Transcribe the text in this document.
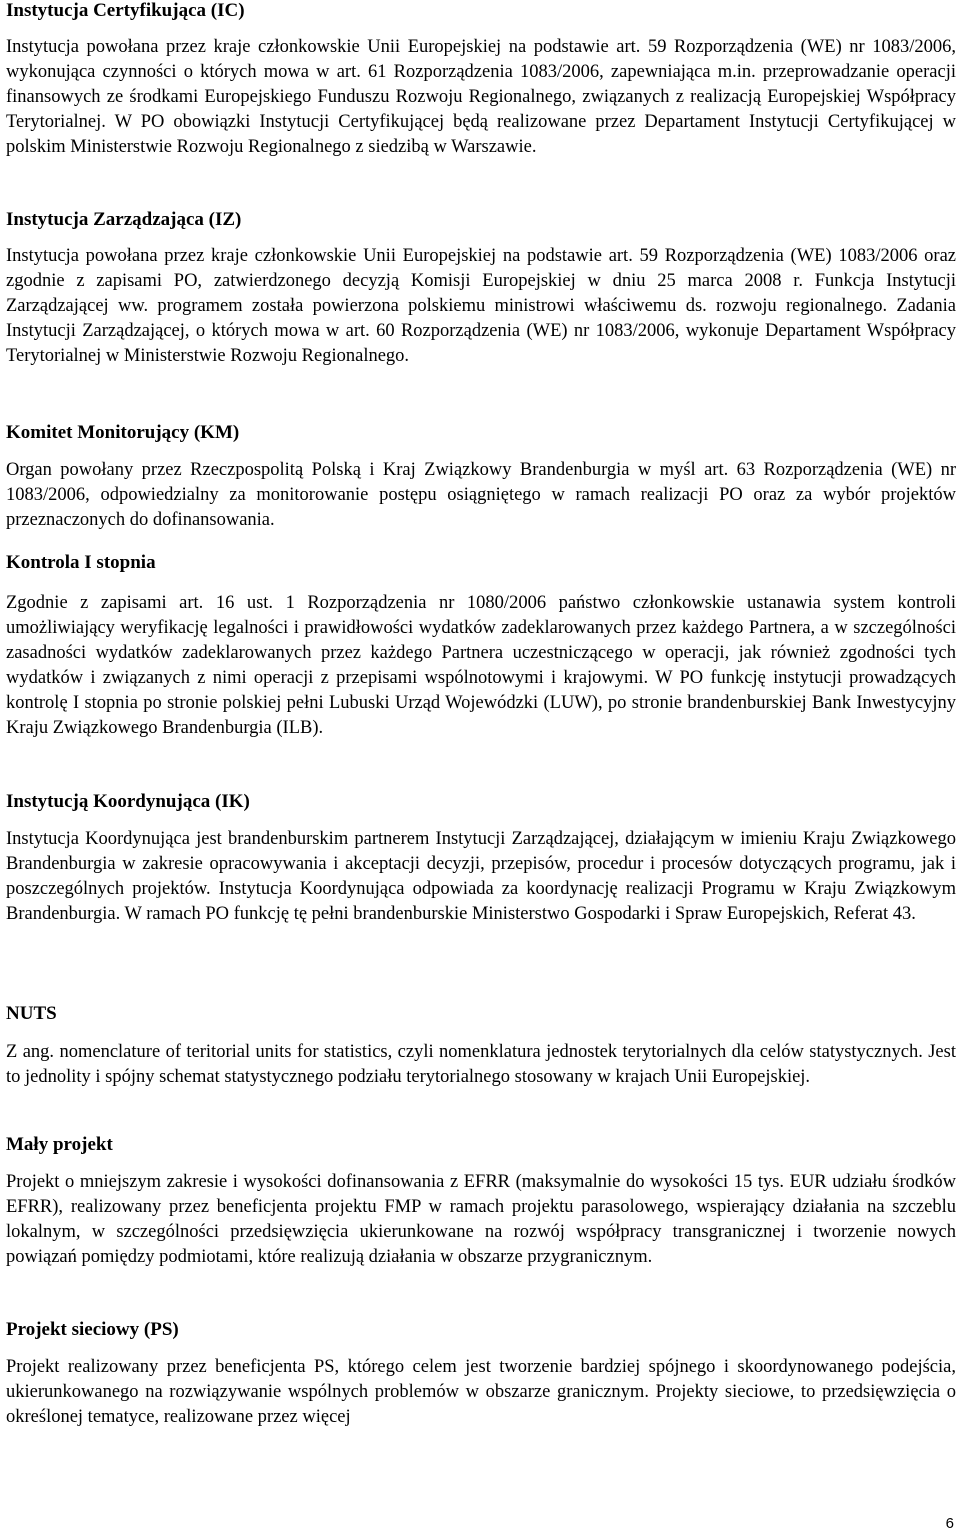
Instytucja Certyfikująca (IC)
Instytucja powołana przez kraje członkowskie Unii Europejskiej na podstawie art. 59 Rozporządzenia (WE) nr 1083/2006, wykonująca czynności o których mowa w art. 61 Rozporządzenia 1083/2006, zapewniająca m.in. przeprowadzanie operacji finansowych ze środkami Europejskiego Funduszu Rozwoju Regionalnego, związanych z realizacją Europejskiej Współpracy Terytorialnej. W PO obowiązki Instytucji Certyfikującej będą realizowane przez Departament Instytucji Certyfikującej w polskim Ministerstwie Rozwoju Regionalnego z siedzibą w Warszawie.
Instytucja Zarządzająca (IZ)
Instytucja powołana przez kraje członkowskie Unii Europejskiej na podstawie art. 59 Rozporządzenia (WE) 1083/2006 oraz zgodnie z zapisami PO, zatwierdzonego decyzją Komisji Europejskiej w dniu 25 marca 2008 r. Funkcja Instytucji Zarządzającej ww. programem została powierzona polskiemu ministrowi właściwemu ds. rozwoju regionalnego. Zadania Instytucji Zarządzającej, o których mowa w art. 60 Rozporządzenia (WE) nr 1083/2006, wykonuje Departament Współpracy Terytorialnej w Ministerstwie Rozwoju Regionalnego.
Komitet Monitorujący (KM)
Organ powołany przez Rzeczpospolitą Polską i Kraj Związkowy Brandenburgia w myśl art. 63 Rozporządzenia (WE) nr 1083/2006, odpowiedzialny za monitorowanie postępu osiągniętego w ramach realizacji PO oraz za wybór projektów przeznaczonych do dofinansowania.
Kontrola I stopnia
Zgodnie z zapisami art. 16 ust. 1 Rozporządzenia nr 1080/2006 państwo członkowskie ustanawia system kontroli umożliwiający weryfikację legalności i prawidłowości wydatków zadeklarowanych przez każdego Partnera, a w szczególności zasadności wydatków zadeklarowanych przez każdego Partnera uczestniczącego w operacji, jak również zgodności tych wydatków i związanych z nimi operacji z przepisami wspólnotowymi i krajowymi. W PO funkcję instytucji prowadzących kontrolę I stopnia po stronie polskiej pełni Lubuski Urząd Wojewódzki (LUW), po stronie brandenburskiej Bank Inwestycyjny Kraju Związkowego Brandenburgia (ILB).
Instytucją Koordynująca (IK)
Instytucja Koordynująca jest brandenburskim partnerem Instytucji Zarządzającej, działającym w imieniu Kraju Związkowego Brandenburgia w zakresie opracowywania i akceptacji decyzji, przepisów, procedur i procesów dotyczących programu, jak i poszczególnych projektów. Instytucja Koordynująca odpowiada za koordynację realizacji Programu w Kraju Związkowym Brandenburgia. W ramach PO funkcję tę pełni brandenburskie Ministerstwo Gospodarki i Spraw Europejskich, Referat 43.
NUTS
Z ang. nomenclature of teritorial units for statistics, czyli nomenklatura jednostek terytorialnych dla celów statystycznych. Jest to jednolity i spójny schemat statystycznego podziału terytorialnego stosowany w krajach Unii Europejskiej.
Mały projekt
Projekt o mniejszym zakresie i wysokości dofinansowania z EFRR (maksymalnie do wysokości 15 tys. EUR udziału środków EFRR), realizowany przez beneficjenta projektu FMP w ramach projektu parasolowego, wspierający działania na szczeblu lokalnym, w szczególności przedsięwzięcia ukierunkowane na rozwój współpracy transgranicznej i tworzenie nowych powiązań pomiędzy podmiotami, które realizują działania w obszarze przygranicznym.
Projekt sieciowy (PS)
Projekt realizowany przez beneficjenta PS, którego celem jest tworzenie bardziej spójnego i skoordynowanego podejścia, ukierunkowanego na rozwiązywanie wspólnych problemów w obszarze granicznym. Projekty sieciowe, to przedsięwzięcia o określonej tematyce, realizowane przez więcej
6
